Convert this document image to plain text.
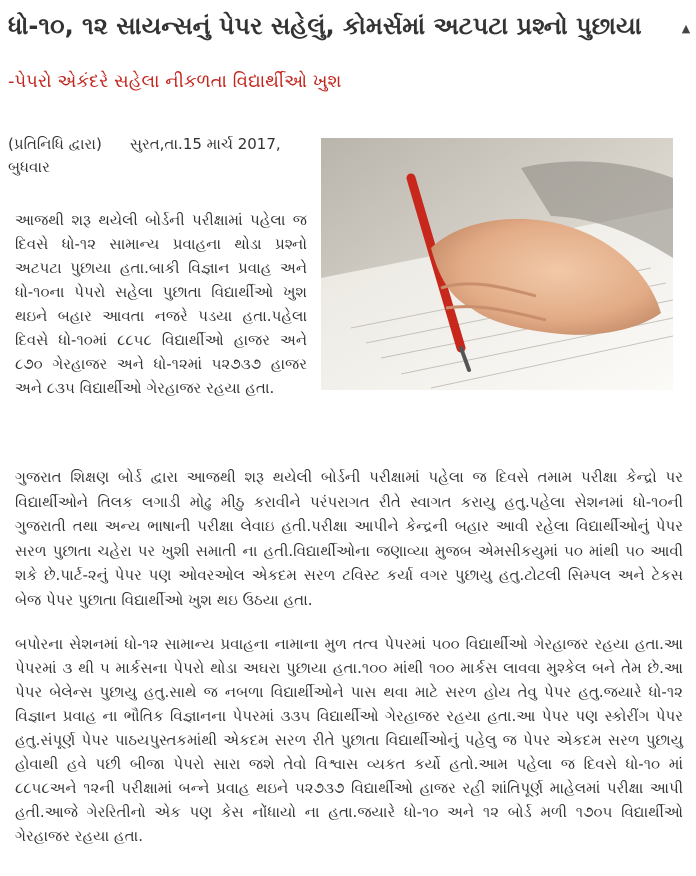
ધો-૧૦, ૧૨ સાયન્સનું પેપર સહેલું, કોમર્સમાં અટપટા પ્રશ્નો પુછાયા	▲
-પેપરો એકંદરે સહેલા નીકળતા વિદ્યાર્થીઓ ખુશ
(પ્રતિનિધિ દ્વારા) સુરત,તા.15 માર્ચ 2017, બુધવાર
આજથી શરૂ થયેલી બોર્ડની પરીક્ષામાં પહેલા જ દિવસે ધો-૧૨ સામાન્ય પ્રવાહના થોડા પ્રશ્નો અટપટા પુછાયા હતા.બાકી વિજ્ઞાન પ્રવાહ અને ધો-૧૦ના પેપરો સહેલા પુછાતા વિદ્યાર્થીઓ ખુશ થઇને બહાર આવતા નજરે પડયા હતા.પહેલા દિવસે ધો-૧૦માં ૮૮૫૮ વિદ્યાર્થીઓ હાજર અને ૮૭૦ ગેરહાજર અને ધો-૧૨માં ૫૨૭૩૭ હાજર અને ૮૩૫ વિદ્યાર્થીઓ ગેરહાજર રહયા હતા.
ગુજરાત શિક્ષણ બોર્ડ દ્વારા આજથી શરૂ થયેલી બોર્ડની પરીક્ષામાં પહેલા જ દિવસે તમામ પરીક્ષા કેન્દ્રો પર વિદ્યાર્થીઓને તિલક લગાડી મોઢુ મીઠુ કરાવીને પરંપરાગત રીતે સ્વાગત કરાયુ હતુ.પહેલા સેશનમાં ધો-૧૦ની ગુજરાતી તથા અન્ય ભાષાની પરીક્ષા લેવાઇ હતી.પરીક્ષા આપીને કેન્દ્રની બહાર આવી રહેલા વિદ્યાર્થીઓનું પેપર સરળ પુછાતા ચહેરા પર ખુશી સમાતી ના હતી.વિદ્યાર્થીઓના જણાવ્યા મુજબ એમસીકયુમાં ૫૦ માંથી ૫૦ આવી શકે છે.પાર્ટ-૨નું પેપર પણ ઓવરઓલ એકદમ સરળ ટવિસ્ટ કર્યા વગર પુછાયુ હતુ.ટોટલી સિમ્પલ અને ટેકસ બેજ પેપર પુછાતા વિદ્યાર્થીઓ ખુશ થઇ ઉઠયા હતા.
બપોરના સેશનમાં ધો-૧૨ સામાન્ય પ્રવાહના નામાના મુળ તત્વ પેપરમાં ૫૦૦ વિદ્યાર્થીઓ ગેરહાજર રહયા હતા.આ પેપરમાં ૩ થી ૫ માર્કસના પેપરો થોડા અઘરા પુછાયા હતા.૧૦૦ માંથી ૧૦૦ માર્કસ લાવવા મુશ્કેલ બને તેમ છે.આ પેપર બેલેન્સ પુછાયુ હતુ.સાથે જ નબળા વિદ્યાર્થીઓને પાસ થવા માટે સરળ હોય તેવુ પેપર હતુ.જયારે ધો-૧૨ વિજ્ઞાન પ્રવાહ ના ભૌતિક વિજ્ઞાનના પેપરમાં ૩૩૫ વિદ્યાર્થીઓ ગેરહાજર રહયા હતા.આ પેપર પણ સ્કોરીંગ પેપર હતુ.સંપૂર્ણ પેપર પાઠયપુસ્તકમાંથી એકદમ સરળ રીતે પુછાતા વિદ્યાર્થીઓનું પહેલુ જ પેપર એકદમ સરળ પુછાયુ હોવાથી હવે પછી બીજા પેપરો સારા જશે તેવો વિશ્વાસ વ્યકત કર્યો હતો.આમ પહેલા જ દિવસે ધો-૧૦ માં ૮૮૫૮અને ૧૨ની પરીક્ષામાં બન્ને પ્રવાહ થઇને ૫૨૭૩૭ વિદ્યાર્થીઓ હાજર રહી શાંતિપૂર્ણ માહેલમાં પરીક્ષા આપી હતી.આજે ગેરરિતીનો એક પણ કેસ નોંધાયો ના હતા.જયારે ધો-૧૦ અને ૧૨ બોર્ડ મળી ૧૭૦૫ વિદ્યાર્થીઓ ગેરહાજર રહયા હતા.
